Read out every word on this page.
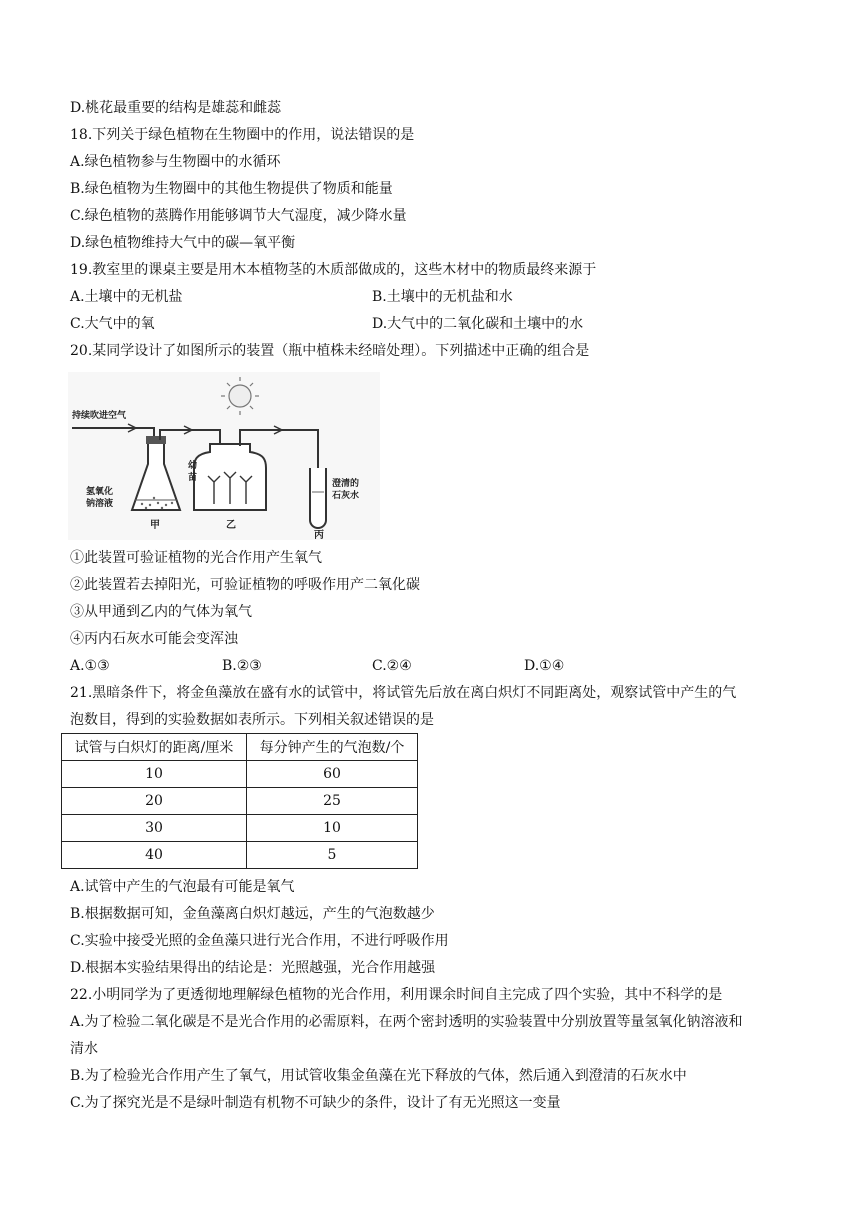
D.桃花最重要的结构是雄蕊和雌蕊
18.下列关于绿色植物在生物圈中的作用，说法错误的是
A.绿色植物参与生物圈中的水循环
B.绿色植物为生物圈中的其他生物提供了物质和能量
C.绿色植物的蒸腾作用能够调节大气湿度，减少降水量
D.绿色植物维持大气中的碳—氧平衡
19.教室里的课桌主要是用木本植物茎的木质部做成的，这些木材中的物质最终来源于
A.土壤中的无机盐	B.土壤中的无机盐和水
C.大气中的氧	D.大气中的二氧化碳和土壤中的水
20.某同学设计了如图所示的装置（瓶中植株未经暗处理）。下列描述中正确的组合是
持续吹进空气
氢氧化
钠溶液
幼
苗
澄清的
石灰水
甲	乙
丙
①此装置可验证植物的光合作用产生氧气
②此装置若去掉阳光，可验证植物的呼吸作用产二氧化碳
③从甲通到乙内的气体为氧气
④丙内石灰水可能会变浑浊
A.①③	B.②③	C.②④	D.①④
21.黑暗条件下，将金鱼藻放在盛有水的试管中，将试管先后放在离白炽灯不同距离处，观察试管中产生的气
泡数目，得到的实验数据如表所示。下列相关叙述错误的是
试管与白炽灯的距离/厘米	每分钟产生的气泡数/个
10	60
20	25
30	10
40	5
A.试管中产生的气泡最有可能是氧气
B.根据数据可知，金鱼藻离白炽灯越远，产生的气泡数越少
C.实验中接受光照的金鱼藻只进行光合作用，不进行呼吸作用
D.根据本实验结果得出的结论是：光照越强，光合作用越强
22.小明同学为了更透彻地理解绿色植物的光合作用，利用课余时间自主完成了四个实验，其中不科学的是
A.为了检验二氧化碳是不是光合作用的必需原料，在两个密封透明的实验装置中分别放置等量氢氧化钠溶液和
清水
B.为了检验光合作用产生了氧气，用试管收集金鱼藻在光下释放的气体，然后通入到澄清的石灰水中
C.为了探究光是不是绿叶制造有机物不可缺少的条件，设计了有无光照这一变量
